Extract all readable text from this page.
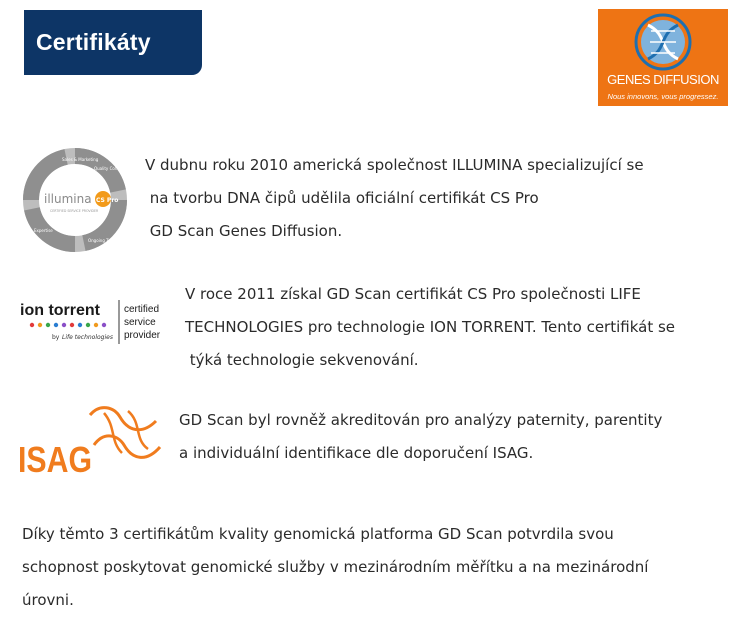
Certifikáty
GENES DIFFUSION
Nous innovons, vous progressez.
Sales & Marketing
Quality Control
Ongoing Training
Expertise
illumina CS Pro
CERTIFIED SERVICE PROVIDER
V dubnu roku 2010 americká společnost ILLUMINA specializující se
na tvorbu DNA čipů udělila oficiální certifikát CS Pro
GD Scan Genes Diffusion.
ion torrent
by Life technologies
certified
service
provider
V roce 2011 získal GD Scan certifikát CS Pro společnosti LIFE
TECHNOLOGIES pro technologie ION TORRENT. Tento certifikát se
týká technologie sekvenování.
ISAG
GD Scan byl rovněž akreditován pro analýzy paternity, parentity
a individuální identifikace dle doporučení ISAG.
Díky těmto 3 certifikátům kvality genomická platforma GD Scan potvrdila svou
schopnost poskytovat genomické služby v mezinárodním měřítku a na mezinárodní
úrovni.
